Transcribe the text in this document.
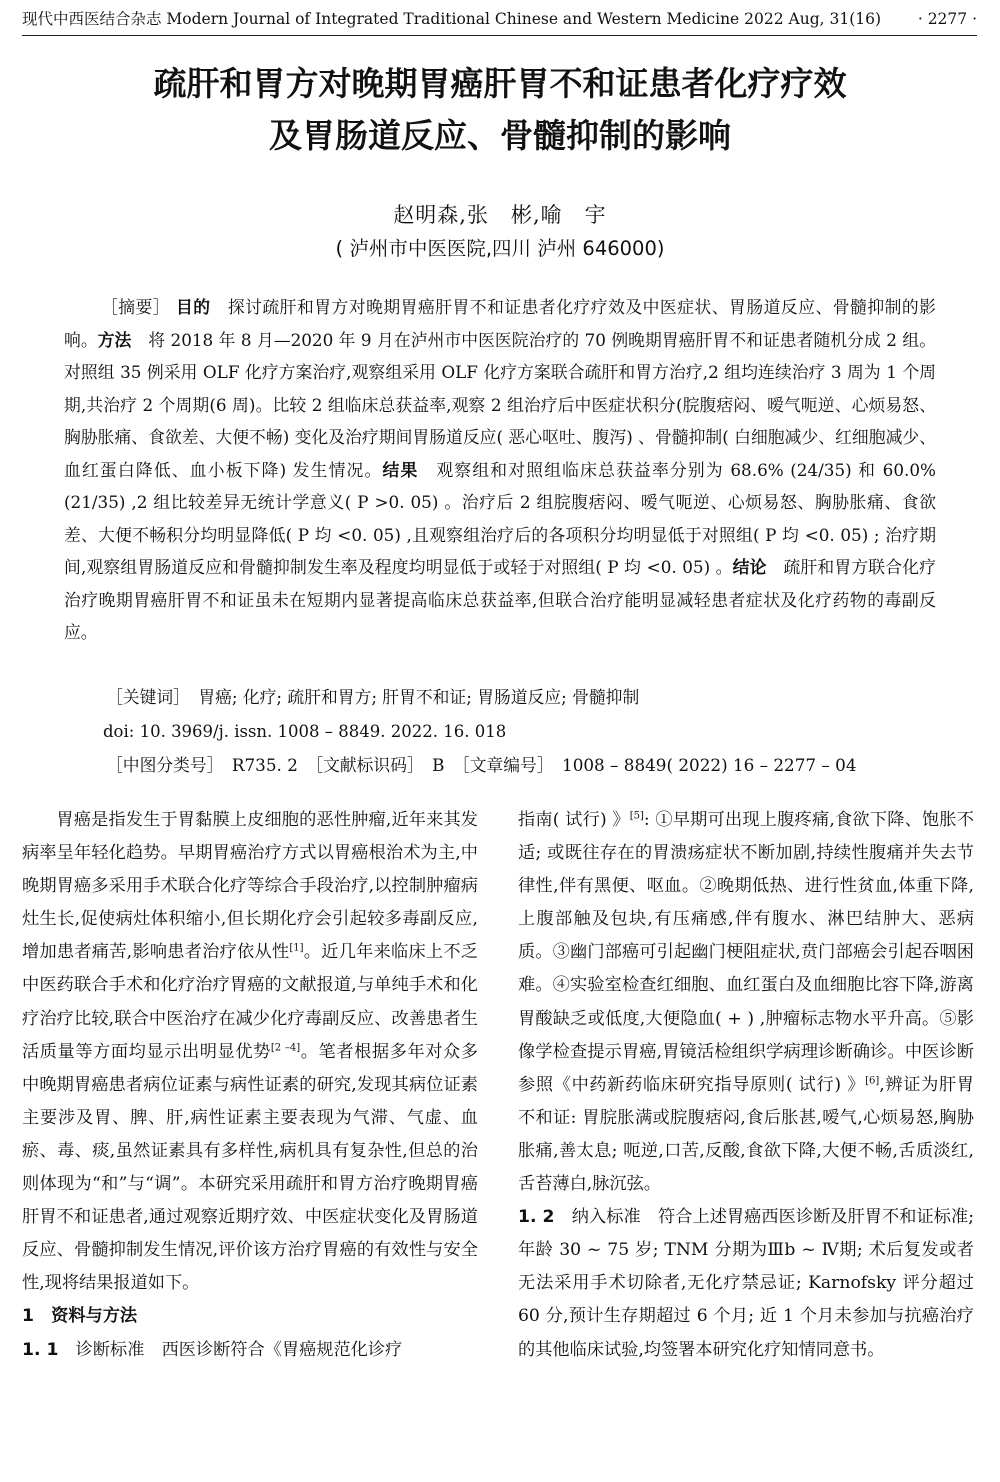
现代中西医结合杂志 Modern Journal of Integrated Traditional Chinese and Western Medicine 2022 Aug, 31(16) · 2277 ·
疏肝和胃方对晚期胃癌肝胃不和证患者化疗疗效
及胃肠道反应、骨髓抑制的影响
赵明森,张　彬,喻　宇
( 泸州市中医医院,四川 泸州 646000)

［摘要］ 目的　 探讨疏肝和胃方对晚期胃癌肝胃不和证患者化疗疗效及中医症状、胃肠道反应、骨髓抑制的影响。方法　 将 2018 年 8 月—2020 年 9 月在泸州市中医医院治疗的 70 例晚期胃癌肝胃不和证患者随机分成 2 组。对照组 35 例采用 OLF 化疗方案治疗,观察组采用 OLF 化疗方案联合疏肝和胃方治疗,2 组均连续治疗 3 周为 1 个周期,共治疗 2 个周期(6 周)。比较 2 组临床总获益率,观察 2 组治疗后中医症状积分(脘腹痞闷、嗳气呃逆、心烦易怒、胸胁胀痛、食欲差、大便不畅) 变化及治疗期间胃肠道反应( 恶心呕吐、腹泻) 、骨髓抑制( 白细胞减少、红细胞减少、血红蛋白降低、血小板下降) 发生情况。结果　 观察组和对照组临床总获益率分别为 68.6% (24/35) 和 60.0%(21/35) ,2 组比较差异无统计学意义( P >0. 05) 。治疗后 2 组脘腹痞闷、嗳气呃逆、心烦易怒、胸胁胀痛、食欲差、大便不畅积分均明显降低( P 均 <0. 05) ,且观察组治疗后的各项积分均明显低于对照组( P 均 <0. 05) ; 治疗期间,观察组胃肠道反应和骨髓抑制发生率及程度均明显低于或轻于对照组( P 均 <0. 05) 。结论　 疏肝和胃方联合化疗治疗晚期胃癌肝胃不和证虽未在短期内显著提高临床总获益率,但联合治疗能明显减轻患者症状及化疗药物的毒副反应。

［关键词］　 胃癌; 化疗; 疏肝和胃方; 肝胃不和证; 胃肠道反应; 骨髓抑制
doi: 10. 3969/j. issn. 1008 – 8849. 2022. 16. 018
［中图分类号］　 R735. 2　 ［文献标识码］　 B　 ［文章编号］　 1008 – 8849( 2022) 16 – 2277 – 04

胃癌是指发生于胃黏膜上皮细胞的恶性肿瘤,近年来其发病率呈年轻化趋势。早期胃癌治疗方式以胃癌根治术为主,中晚期胃癌多采用手术联合化疗等综合手段治疗,以控制肿瘤病灶生长,促使病灶体积缩小,但长期化疗会引起较多毒副反应,增加患者痛苦,影响患者治疗依从性[1]。近几年来临床上不乏中医药联合手术和化疗治疗胃癌的文献报道,与单纯手术和化疗治疗比较,联合中医治疗在减少化疗毒副反应、改善患者生活质量等方面均显示出明显优势[2 –4]。笔者根据多年对众多中晚期胃癌患者病位证素与病性证素的研究,发现其病位证素主要涉及胃、脾、肝,病性证素主要表现为气滞、气虚、血瘀、毒、痰,虽然证素具有多样性,病机具有复杂性,但总的治则体现为“和”与“调”。本研究采用疏肝和胃方治疗晚期胃癌肝胃不和证患者,通过观察近期疗效、中医症状变化及胃肠道反应、骨髓抑制发生情况,评价该方治疗胃癌的有效性与安全性,现将结果报道如下。

1　资料与方法

1. 1　 诊断标准　 西医诊断符合《胃癌规范化诊疗

指南( 试行) 》[5]: ①早期可出现上腹疼痛,食欲下降、饱胀不适; 或既往存在的胃溃疡症状不断加剧,持续性腹痛并失去节律性,伴有黑便、呕血。②晚期低热、进行性贫血,体重下降,上腹部触及包块,有压痛感,伴有腹水、淋巴结肿大、恶病质。③幽门部癌可引起幽门梗阻症状,贲门部癌会引起吞咽困难。④实验室检查红细胞、血红蛋白及血细胞比容下降,游离胃酸缺乏或低度,大便隐血( + ) ,肿瘤标志物水平升高。⑤影像学检查提示胃癌,胃镜活检组织学病理诊断确诊。中医诊断参照《中药新药临床研究指导原则( 试行) 》[6],辨证为肝胃不和证: 胃脘胀满或脘腹痞闷,食后胀甚,嗳气,心烦易怒,胸胁胀痛,善太息; 呃逆,口苦,反酸,食欲下降,大便不畅,舌质淡红,舌苔薄白,脉沉弦。

1. 2　 纳入标准　 符合上述胃癌西医诊断及肝胃不和证标准; 年龄 30 ~ 75 岁; TNM 分期为Ⅲb ~ Ⅳ期; 术后复发或者无法采用手术切除者,无化疗禁忌证; Karnofsky 评分超过 60 分,预计生存期超过 6 个月; 近 1 个月未参加与抗癌治疗的其他临床试验,均签署本研究化疗知情同意书。
